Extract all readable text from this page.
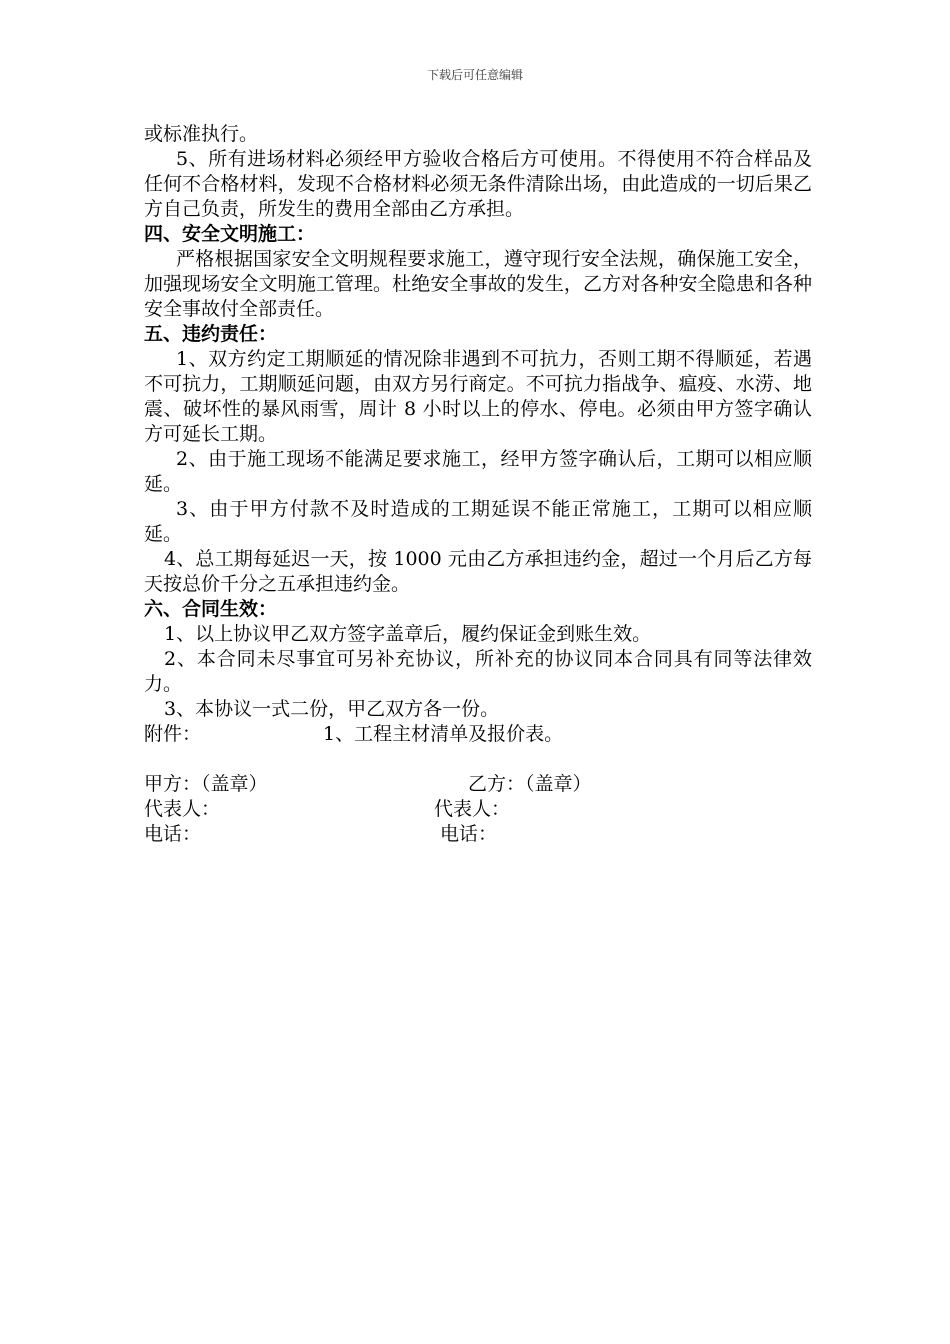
下载后可任意编辑

或标准执行。

5、所有进场材料必须经甲方验收合格后方可使用。不得使用不符合样品及任何不合格材料，发现不合格材料必须无条件清除出场，由此造成的一切后果乙方自己负责，所发生的费用全部由乙方承担。

四、安全文明施工：

严格根据国家安全文明规程要求施工，遵守现行安全法规，确保施工安全，加强现场安全文明施工管理。杜绝安全事故的发生，乙方对各种安全隐患和各种安全事故付全部责任。

五、违约责任：

1、双方约定工期顺延的情况除非遇到不可抗力，否则工期不得顺延，若遇不可抗力，工期顺延问题，由双方另行商定。不可抗力指战争、瘟疫、水涝、地震、破坏性的暴风雨雪，周计 8 小时以上的停水、停电。必须由甲方签字确认方可延长工期。

2、由于施工现场不能满足要求施工，经甲方签字确认后，工期可以相应顺延。

3、由于甲方付款不及时造成的工期延误不能正常施工，工期可以相应顺延。

4、总工期每延迟一天，按 1000 元由乙方承担违约金，超过一个月后乙方每天按总价千分之五承担违约金。

六、合同生效：

1、以上协议甲乙双方签字盖章后，履约保证金到账生效。

2、本合同未尽事宜可另补充协议，所补充的协议同本合同具有同等法律效力。

3、本协议一式二份，甲乙双方各一份。

附件：	1、工程主材清单及报价表。
甲方：（盖章）	乙方：（盖章）
代表人：	代表人：
电话：	电话：
